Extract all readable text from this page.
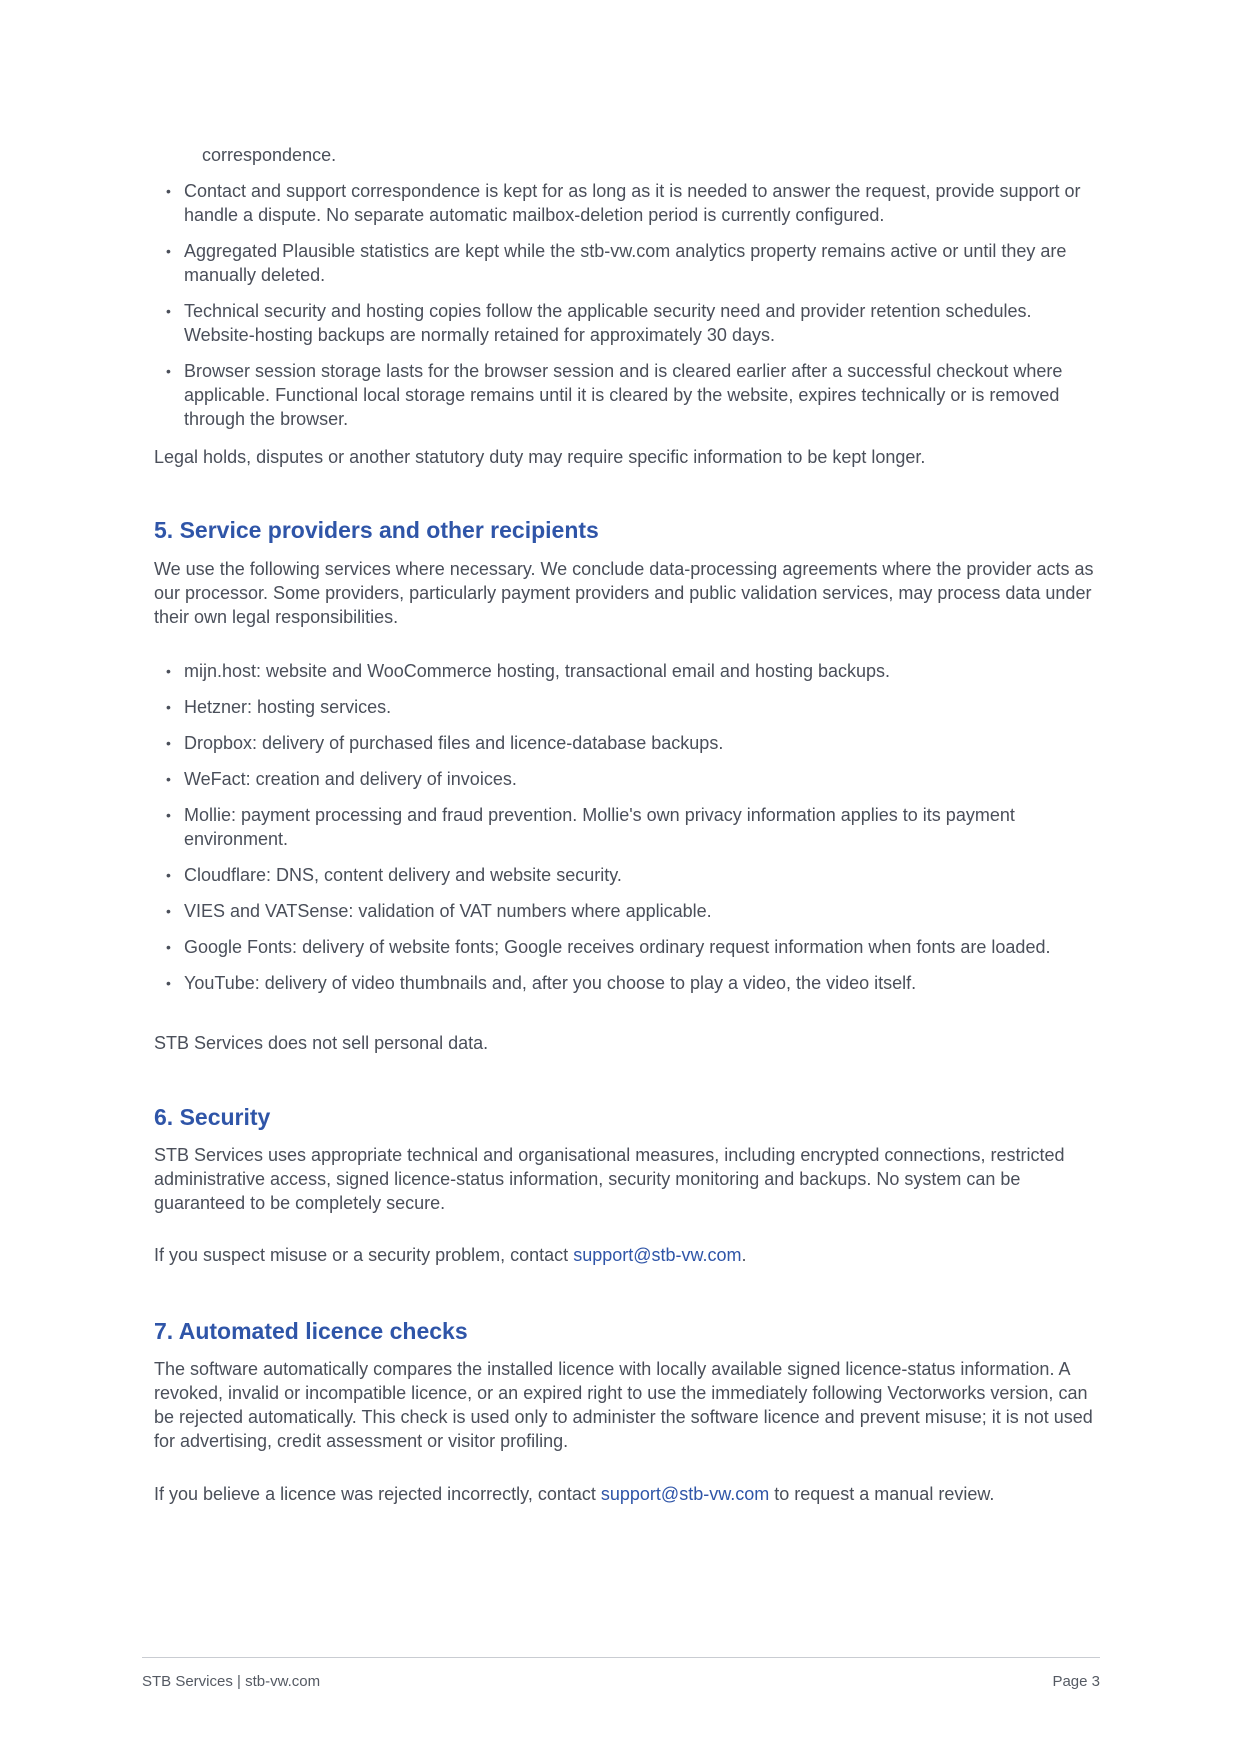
correspondence.

• Contact and support correspondence is kept for as long as it is needed to answer the request, provide support or handle a dispute. No separate automatic mailbox-deletion period is currently configured.
• Aggregated Plausible statistics are kept while the stb-vw.com analytics property remains active or until they are manually deleted.
• Technical security and hosting copies follow the applicable security need and provider retention schedules. Website-hosting backups are normally retained for approximately 30 days.
• Browser session storage lasts for the browser session and is cleared earlier after a successful checkout where applicable. Functional local storage remains until it is cleared by the website, expires technically or is removed through the browser.

Legal holds, disputes or another statutory duty may require specific information to be kept longer.

5. Service providers and other recipients

We use the following services where necessary. We conclude data-processing agreements where the provider acts as our processor. Some providers, particularly payment providers and public validation services, may process data under their own legal responsibilities.

• mijn.host: website and WooCommerce hosting, transactional email and hosting backups.
• Hetzner: hosting services.
• Dropbox: delivery of purchased files and licence-database backups.
• WeFact: creation and delivery of invoices.
• Mollie: payment processing and fraud prevention. Mollie's own privacy information applies to its payment environment.
• Cloudflare: DNS, content delivery and website security.
• VIES and VATSense: validation of VAT numbers where applicable.
• Google Fonts: delivery of website fonts; Google receives ordinary request information when fonts are loaded.
• YouTube: delivery of video thumbnails and, after you choose to play a video, the video itself.

STB Services does not sell personal data.

6. Security

STB Services uses appropriate technical and organisational measures, including encrypted connections, restricted administrative access, signed licence-status information, security monitoring and backups. No system can be guaranteed to be completely secure.

If you suspect misuse or a security problem, contact support@stb-vw.com.

7. Automated licence checks

The software automatically compares the installed licence with locally available signed licence-status information. A revoked, invalid or incompatible licence, or an expired right to use the immediately following Vectorworks version, can be rejected automatically. This check is used only to administer the software licence and prevent misuse; it is not used for advertising, credit assessment or visitor profiling.

If you believe a licence was rejected incorrectly, contact support@stb-vw.com to request a manual review.

STB Services | stb-vw.com	Page 3
